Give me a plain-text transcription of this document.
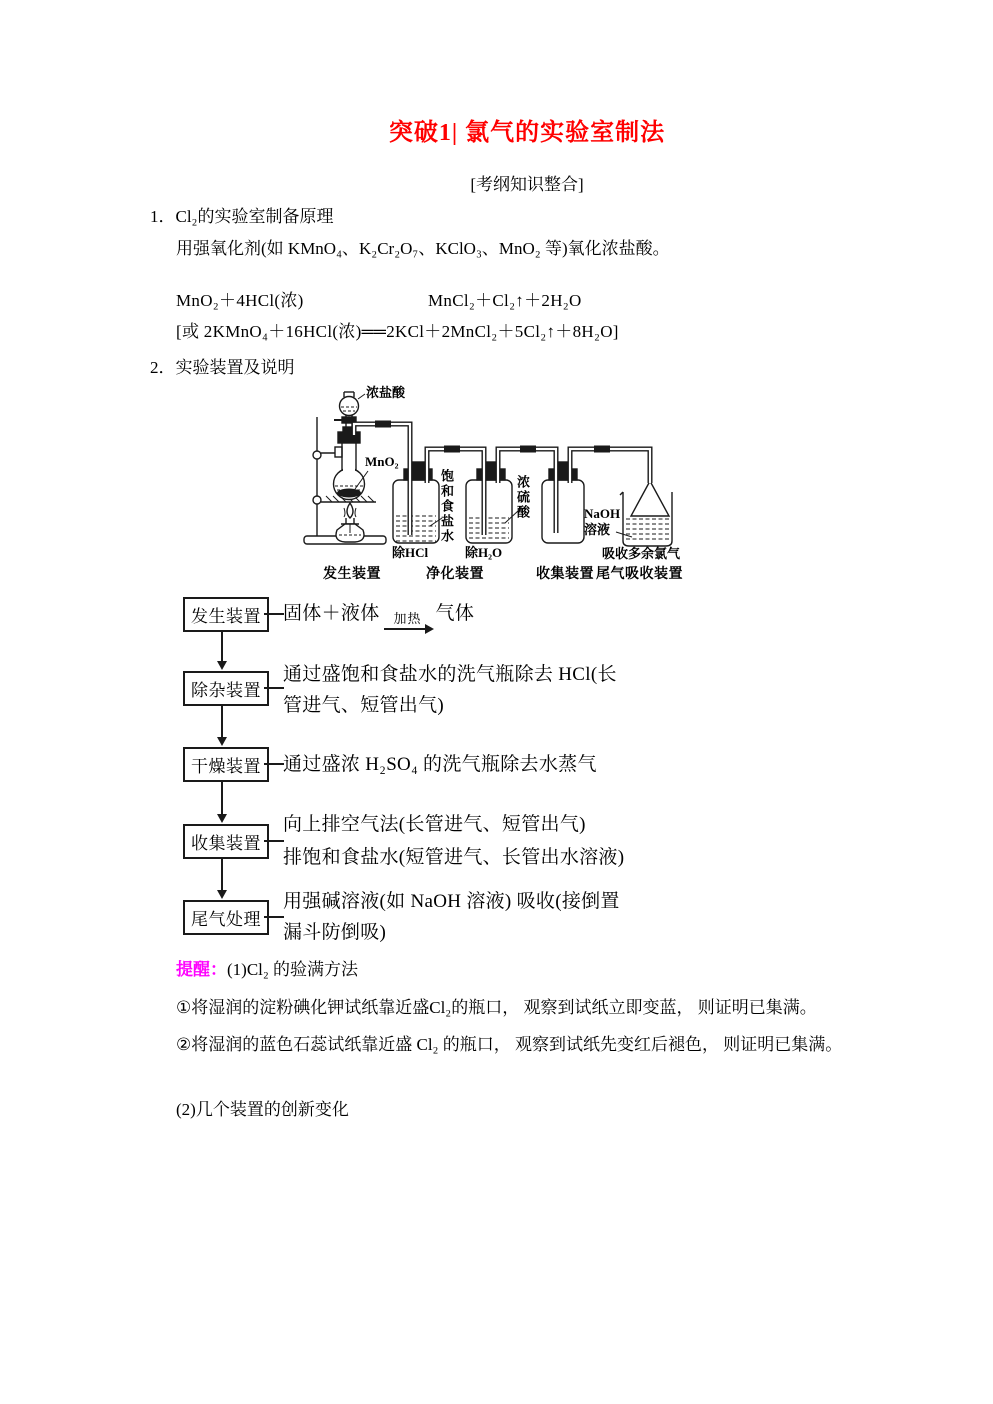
突破1| 氯气的实验室制法
[考纲知识整合]
1．Cl₂的实验室制备原理
用强氧化剂(如 KMnO₄、K₂Cr₂O₇、KClO₃、MnO₂ 等)氧化浓盐酸。
MnO₂＋4HCl(浓)	MnCl₂＋Cl₂↑＋2H₂O
[或 2KMnO₄＋16HCl(浓)══2KCl＋2MnCl₂＋5Cl₂↑＋8H₂O]
2．实验装置及说明
浓盐酸
MnO₂
饱和食盐水	浓硫酸
除HCl	除H₂O
NaOH
溶液
吸收多余氯气
发生装置	净化装置	收集装置 尾气吸收装置
发生装置	固体＋液体 加热 气体
除杂装置
通过盛饱和食盐水的洗气瓶除去 HCl(长
管进气、短管出气)
干燥装置	通过盛浓 H₂SO₄ 的洗气瓶除去水蒸气
收集装置
向上排空气法(长管进气、短管出气)
排饱和食盐水(短管进气、长管出水溶液)
尾气处理
用强碱溶液(如 NaOH 溶液) 吸收(接倒置
漏斗防倒吸)
提醒：(1)Cl₂ 的验满方法
①将湿润的淀粉碘化钾试纸靠近盛Cl₂的瓶口， 观察到试纸立即变蓝， 则证明已集满。
②将湿润的蓝色石蕊试纸靠近盛 Cl₂ 的瓶口， 观察到试纸先变红后褪色， 则证明已集满。
(2)几个装置的创新变化
